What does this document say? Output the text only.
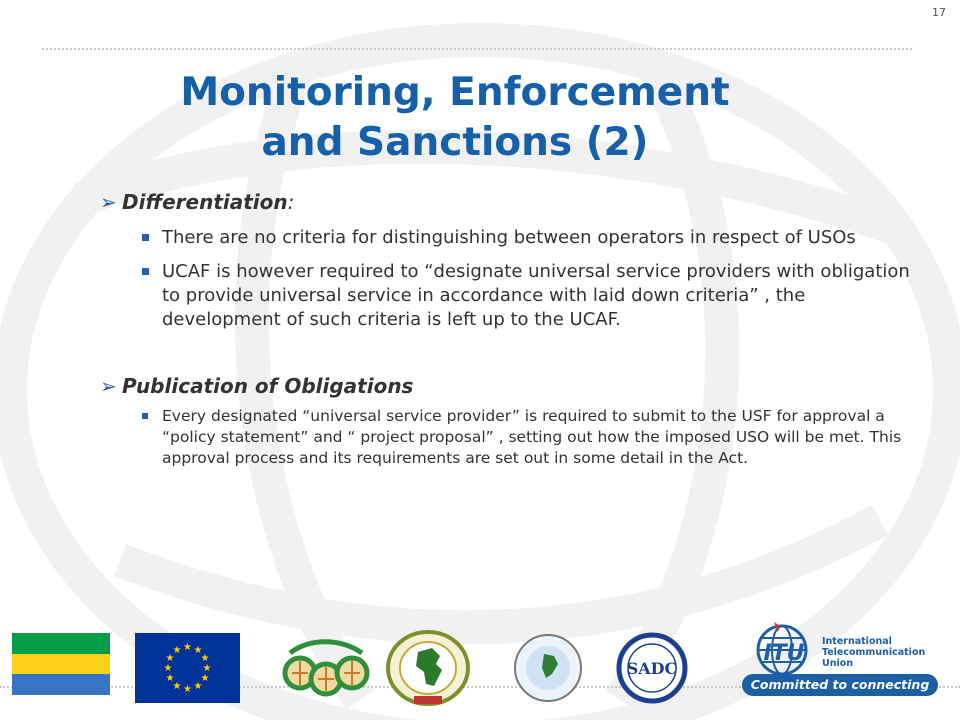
17
Monitoring, Enforcement
and Sanctions (2)
➢ Differentiation:
There are no criteria for distinguishing between operators in respect of USOs
UCAF is however required to “designate universal service providers with obligation to provide universal service in accordance with laid down criteria” , the development of such criteria is left up to the UCAF.
➢ Publication of Obligations
Every designated “universal service provider” is required to submit to the USF for approval a “policy statement” and “ project proposal” , setting out how the imposed USO will be met. This approval process and its requirements are set out in some detail in the Act.
★ ★
★
★
★
★
★
★
★
★
★
★
SADC
ITU International Telecommunication Union
Committed to connecting the world
